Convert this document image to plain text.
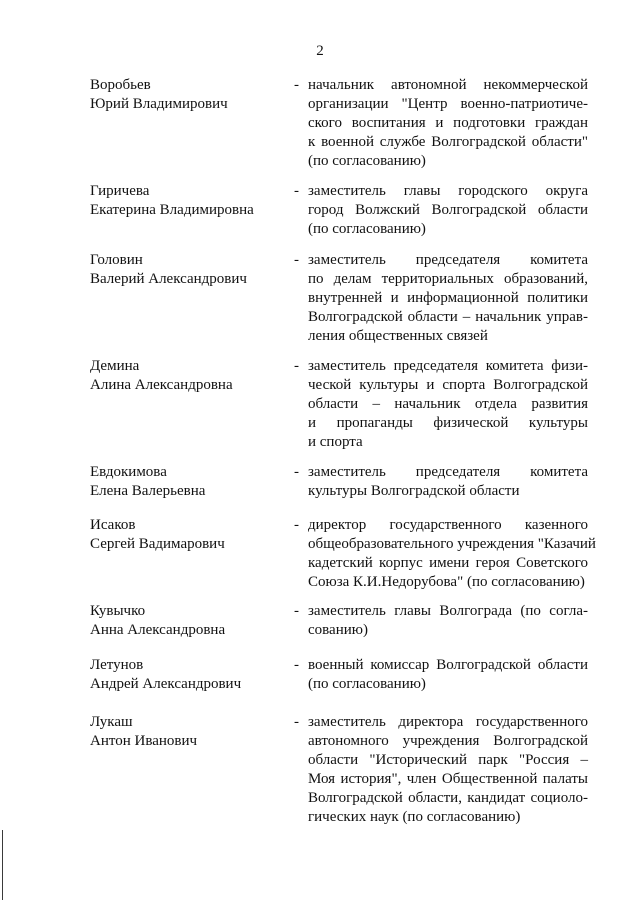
2
Воробьев
Юрий Владимирович
- начальник автономной некоммерческой
организации "Центр военно-патриотиче-
ского воспитания и подготовки граждан
к военной службе Волгоградской области"
(по согласованию)
Гиричева
Екатерина Владимировна
- заместитель главы городского округа
город Волжский Волгоградской области
(по согласованию)
Головин
Валерий Александрович
- заместитель председателя комитета
по делам территориальных образований,
внутренней и информационной политики
Волгоградской области – начальник управ-
ления общественных связей
Демина
Алина Александровна
- заместитель председателя комитета физи-
ческой культуры и спорта Волгоградской
области – начальник отдела развития
и пропаганды физической культуры
и спорта
Евдокимова
Елена Валерьевна
- заместитель председателя комитета
культуры Волгоградской области
Исаков
Сергей Вадимарович
- директор государственного казенного
общеобразовательного учреждения "Казачий
кадетский корпус имени героя Советского
Союза К.И.Недорубова" (по согласованию)
Кувычко
Анна Александровна
- заместитель главы Волгограда (по согла-
сованию)
Летунов
Андрей Александрович
- военный комиссар Волгоградской области
(по согласованию)
Лукаш
Антон Иванович
- заместитель директора государственного
автономного учреждения Волгоградской
области "Исторический парк "Россия –
Моя история", член Общественной палаты
Волгоградской области, кандидат социоло-
гических наук (по согласованию)
